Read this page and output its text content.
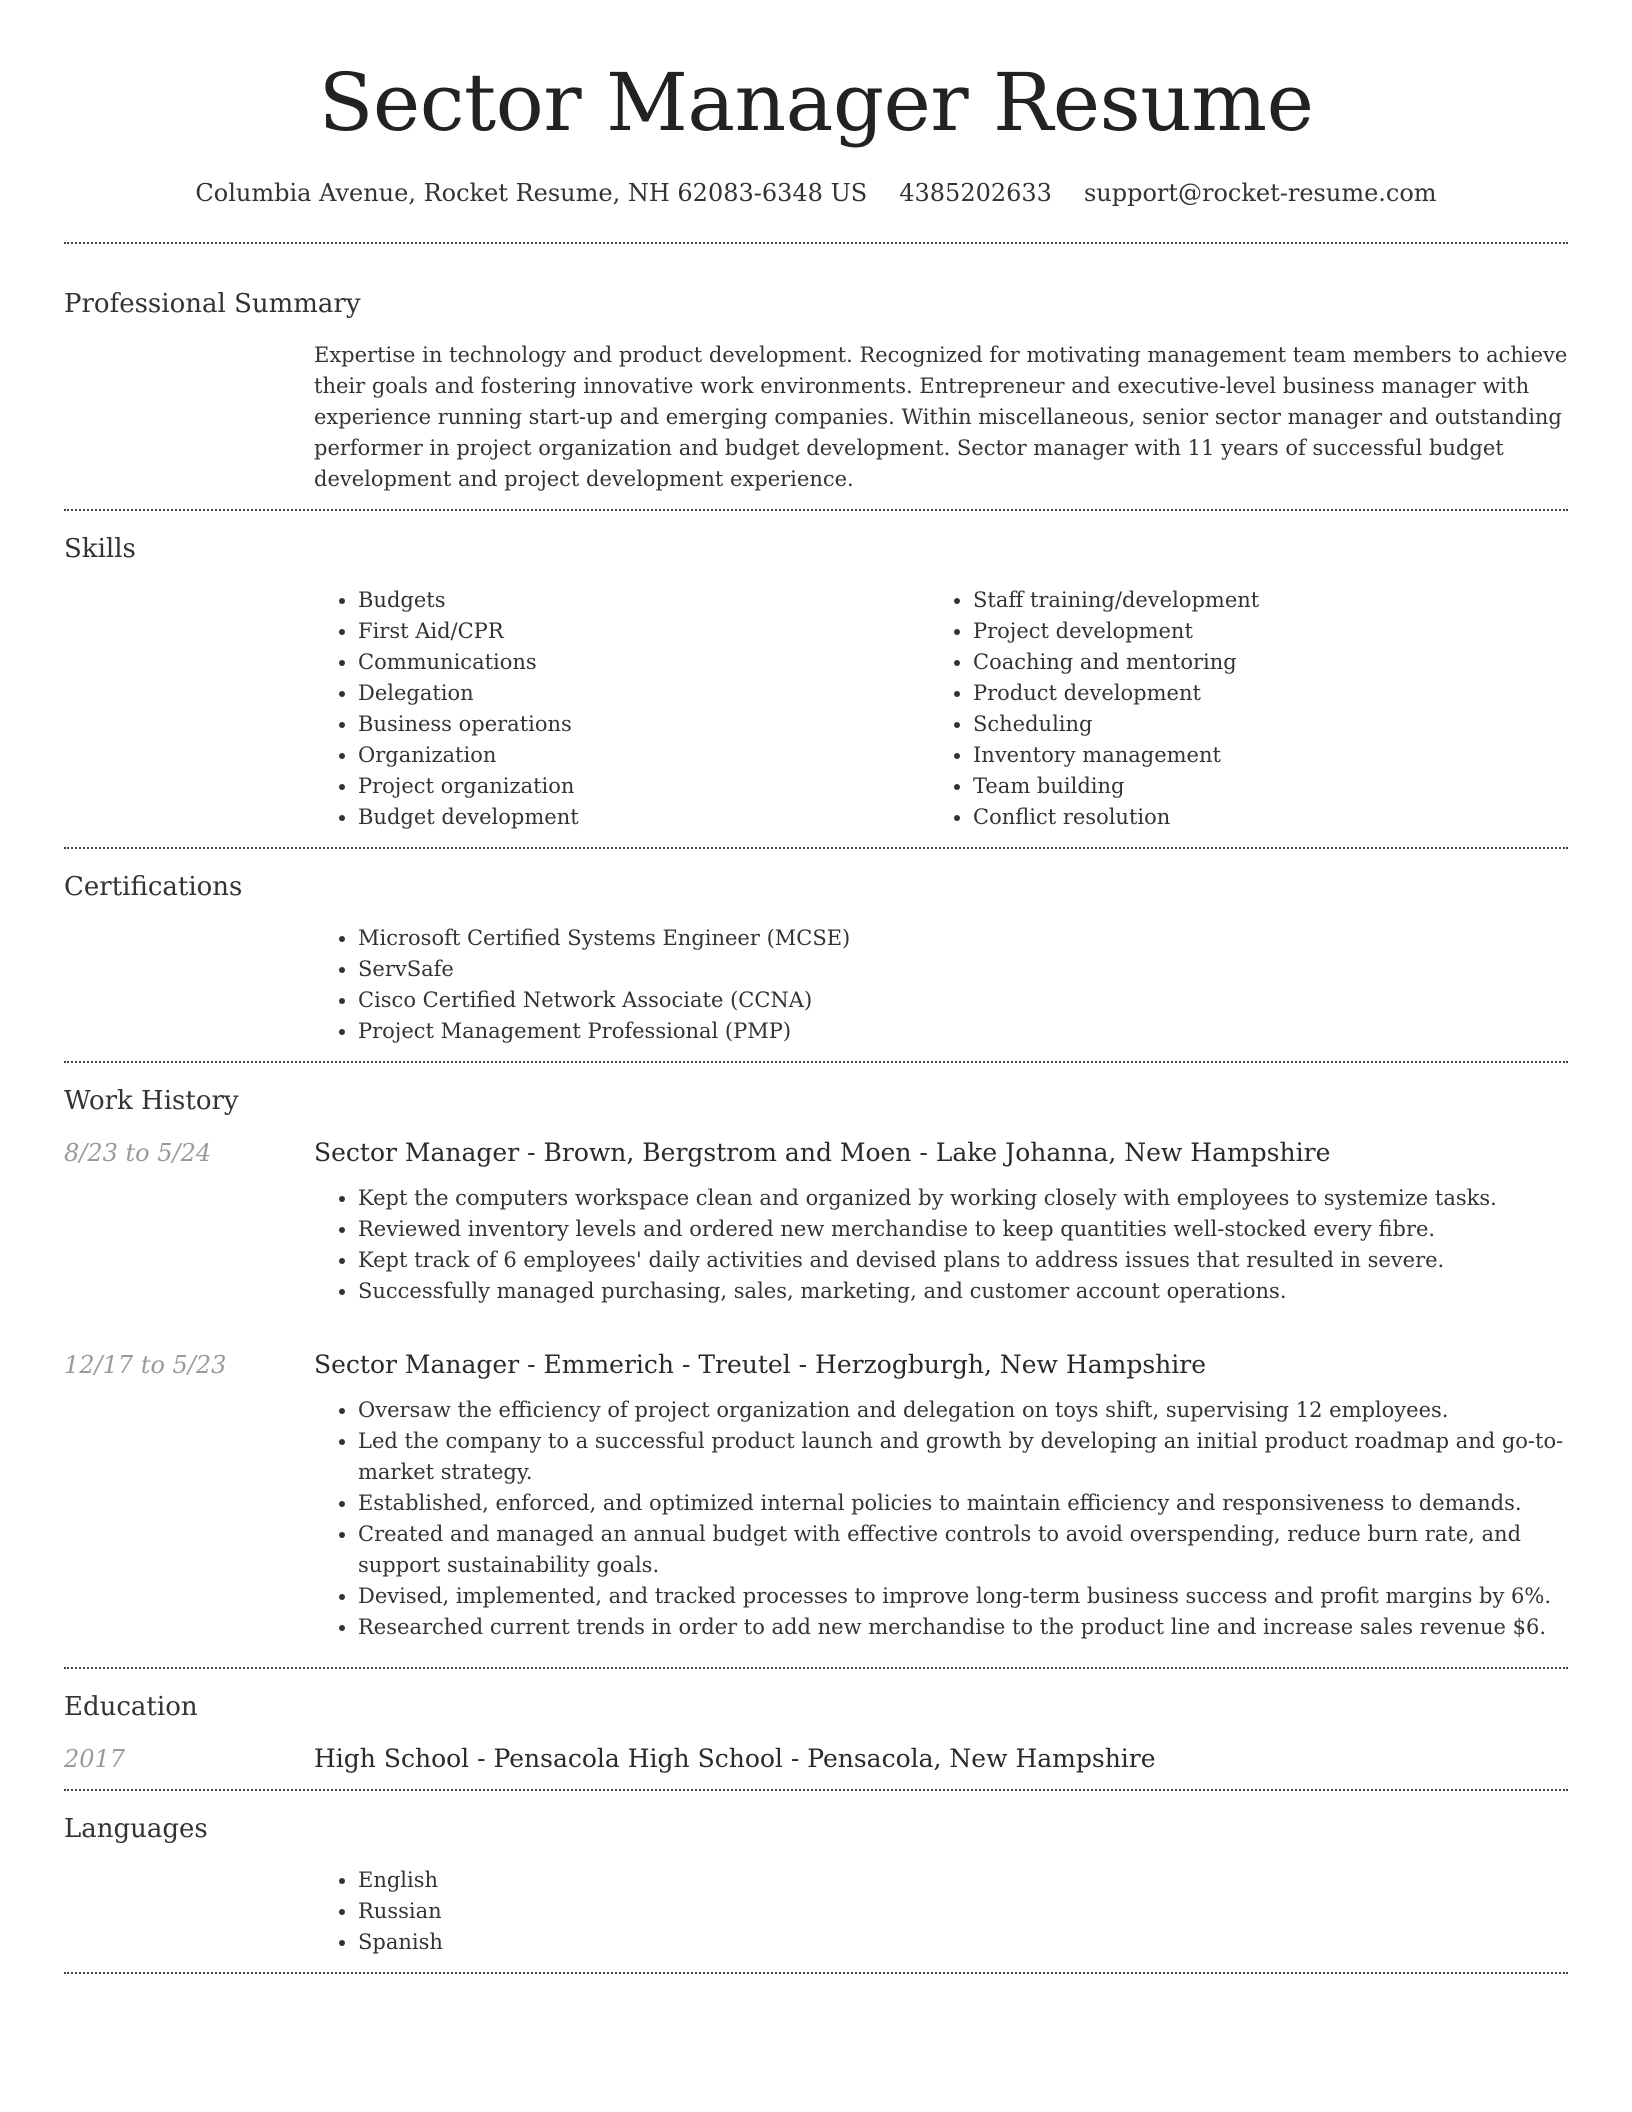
Sector Manager Resume
Columbia Avenue, Rocket Resume, NH 62083-6348 US 4385202633 support@rocket-resume.com
Professional Summary

Expertise in technology and product development. Recognized for motivating management team members to achieve their goals and fostering innovative work environments. Entrepreneur and executive-level business manager with experience running start-up and emerging companies. Within miscellaneous, senior sector manager and outstanding performer in project organization and budget development. Sector manager with 11 years of successful budget development and project development experience.

Skills
• Budgets
• First Aid/CPR
• Communications
• Delegation
• Business operations
• Organization
• Project organization
• Budget development
• Staff training/development
• Project development
• Coaching and mentoring
• Product development
• Scheduling
• Inventory management
• Team building
• Conflict resolution
Certifications
• Microsoft Certified Systems Engineer (MCSE)
• ServSafe
• Cisco Certified Network Associate (CCNA)
• Project Management Professional (PMP)
Work History
8/23 to 5/24	Sector Manager - Brown, Bergstrom and Moen - Lake Johanna, New Hampshire
• Kept the computers workspace clean and organized by working closely with employees to systemize tasks.
• Reviewed inventory levels and ordered new merchandise to keep quantities well-stocked every fibre.
• Kept track of 6 employees' daily activities and devised plans to address issues that resulted in severe.
• Successfully managed purchasing, sales, marketing, and customer account operations.
12/17 to 5/23	Sector Manager - Emmerich - Treutel - Herzogburgh, New Hampshire
• Oversaw the efficiency of project organization and delegation on toys shift, supervising 12 employees.
• Led the company to a successful product launch and growth by developing an initial product roadmap and go-to-market strategy.
• Established, enforced, and optimized internal policies to maintain efficiency and responsiveness to demands.
• Created and managed an annual budget with effective controls to avoid overspending, reduce burn rate, and support sustainability goals.
• Devised, implemented, and tracked processes to improve long-term business success and profit margins by 6%.
• Researched current trends in order to add new merchandise to the product line and increase sales revenue $6.
Education
2017	High School - Pensacola High School - Pensacola, New Hampshire
Languages
• English
• Russian
• Spanish
